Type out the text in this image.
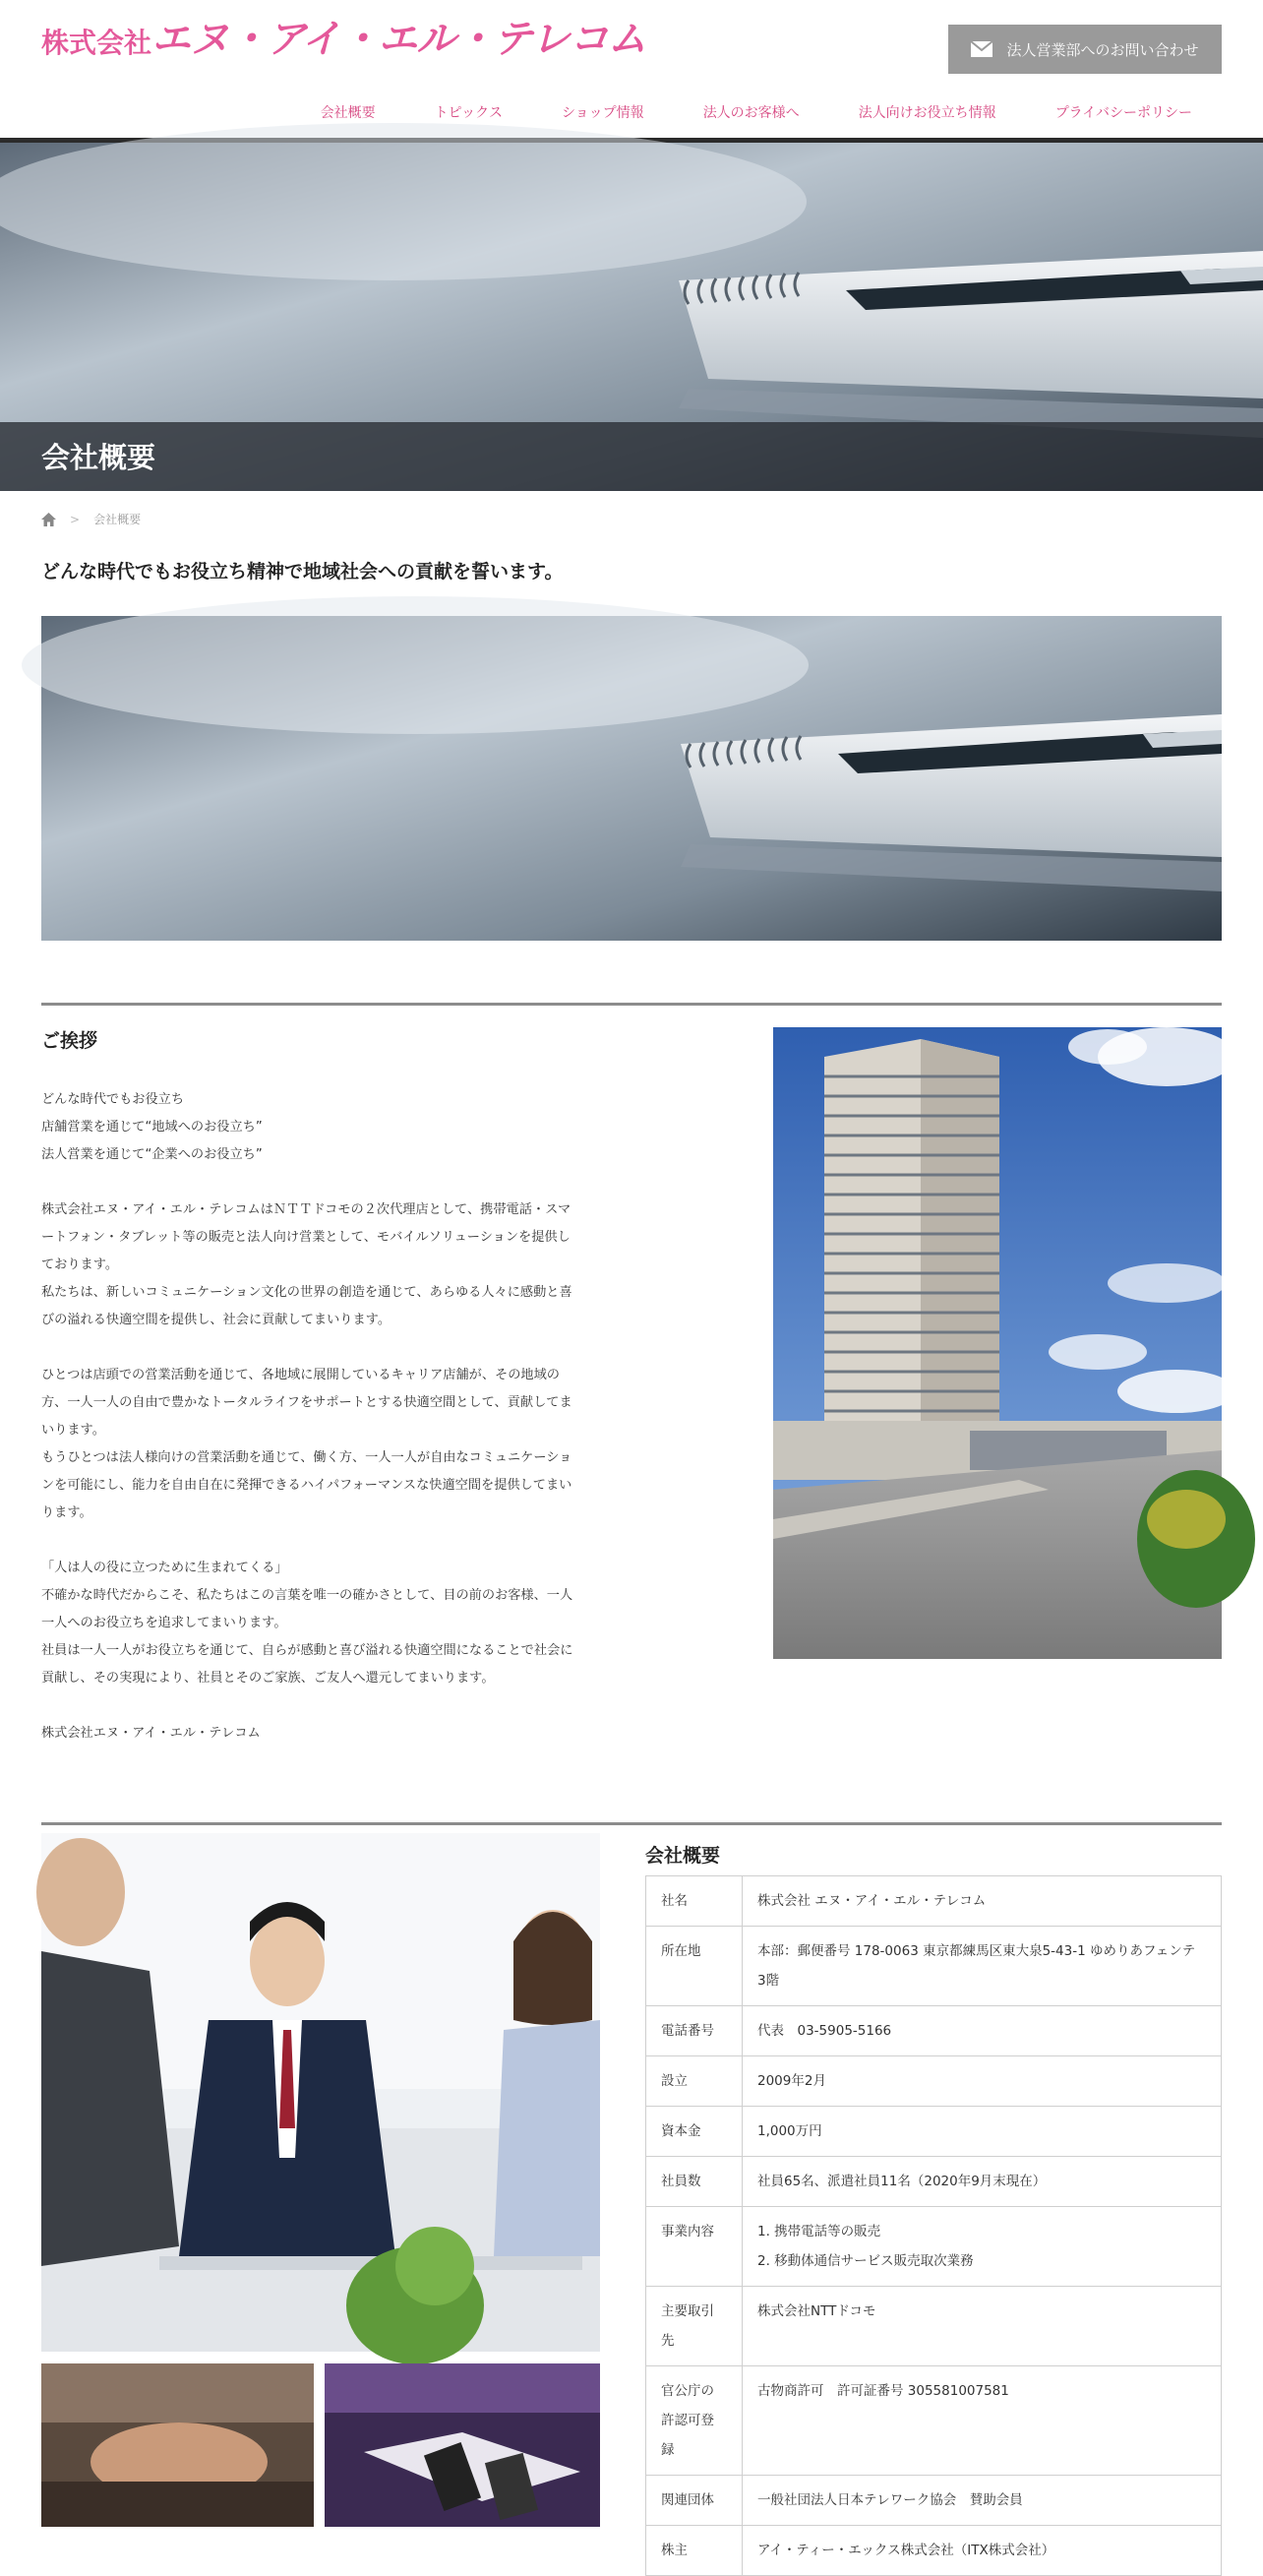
株式会社エヌ・アイ・エル・テレコム	法人営業部へのお問い合わせ
会社概要	トピックス	ショップ情報	法人のお客様へ	法人向けお役立ち情報	プライバシーポリシー
会社概要
> 会社概要
どんな時代でもお役立ち精神で地域社会への貢献を誓います。
ご挨拶

どんな時代でもお役立ち

店舗営業を通じて“地域へのお役立ち”

法人営業を通じて“企業へのお役立ち”

株式会社エヌ・アイ・エル・テレコムはＮＴＴドコモの２次代理店として、携帯電話・スマ

ートフォン・タブレット等の販売と法人向け営業として、モバイルソリューションを提供し

ております。

私たちは、新しいコミュニケーション文化の世界の創造を通じて、あらゆる人々に感動と喜

びの溢れる快適空間を提供し、社会に貢献してまいります。

ひとつは店頭での営業活動を通じて、各地域に展開しているキャリア店舗が、その地域の

方、一人一人の自由で豊かなトータルライフをサポートとする快適空間として、貢献してま

いります。

もうひとつは法人様向けの営業活動を通じて、働く方、一人一人が自由なコミュニケーショ

ンを可能にし、能力を自由自在に発揮できるハイパフォーマンスな快適空間を提供してまい

ります。

「人は人の役に立つために生まれてくる」

不確かな時代だからこそ、私たちはこの言葉を唯一の確かさとして、目の前のお客様、一人

一人へのお役立ちを追求してまいります。

社員は一人一人がお役立ちを通じて、自らが感動と喜び溢れる快適空間になることで社会に

貢献し、その実現により、社員とそのご家族、ご友人へ還元してまいります。

株式会社エヌ・アイ・エル・テレコム

会社概要
社名	株式会社 エヌ・アイ・エル・テレコム

所在地	本部：郵便番号 178-0063 東京都練馬区東大泉5-43-1 ゆめりあフェンテ
3階

電話番号	代表　03-5905-5166

設立	2009年2月

資本金	1,000万円

社員数	社員65名、派遣社員11名（2020年9月末現在）

事業内容	1. 携帯電話等の販売
2. 移動体通信サービス販売取次業務

主要取引
先	株式会社NTTドコモ

官公庁の
許認可登
録	古物商許可　許可証番号 305581007581

関連団体	一般社団法人日本テレワーク協会　賛助会員

株主	アイ・ティー・エックス株式会社（ITX株式会社）
